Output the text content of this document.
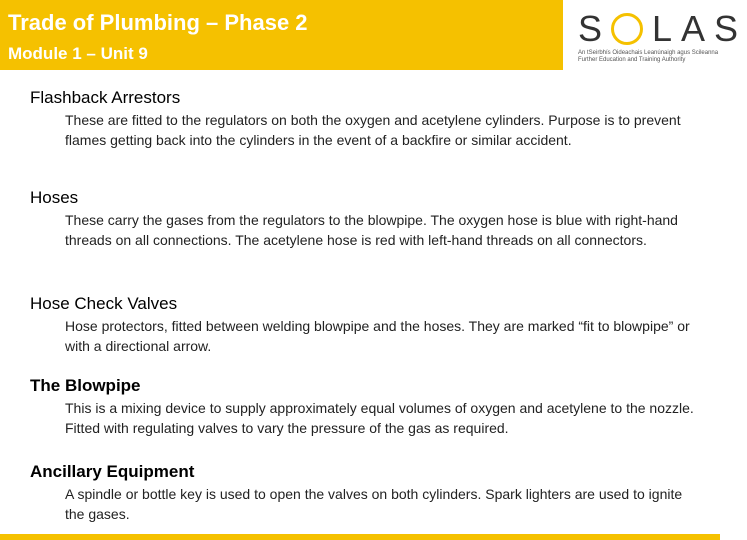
Trade of Plumbing – Phase 2
Module 1 – Unit 9
S LAS
An tSeirbhís Oideachais Leanúnaigh agus Scileanna
Further Education and Training Authority
Flashback Arrestors
These are fitted to the regulators on both the oxygen and acetylene cylinders. Purpose is to prevent flames getting back into the cylinders in the event of a backfire or similar accident.
Hoses
These carry the gases from the regulators to the blowpipe. The oxygen hose is blue with right-hand threads on all connections. The acetylene hose is red with left-hand threads on all connectors.
Hose Check Valves
Hose protectors, fitted between welding blowpipe and the hoses. They are marked “fit to blowpipe” or with a directional arrow.
The Blowpipe
This is a mixing device to supply approximately equal volumes of oxygen and acetylene to the nozzle. Fitted with regulating valves to vary the pressure of the gas as required.
Ancillary Equipment
A spindle or bottle key is used to open the valves on both cylinders. Spark lighters are used to ignite the gases.
